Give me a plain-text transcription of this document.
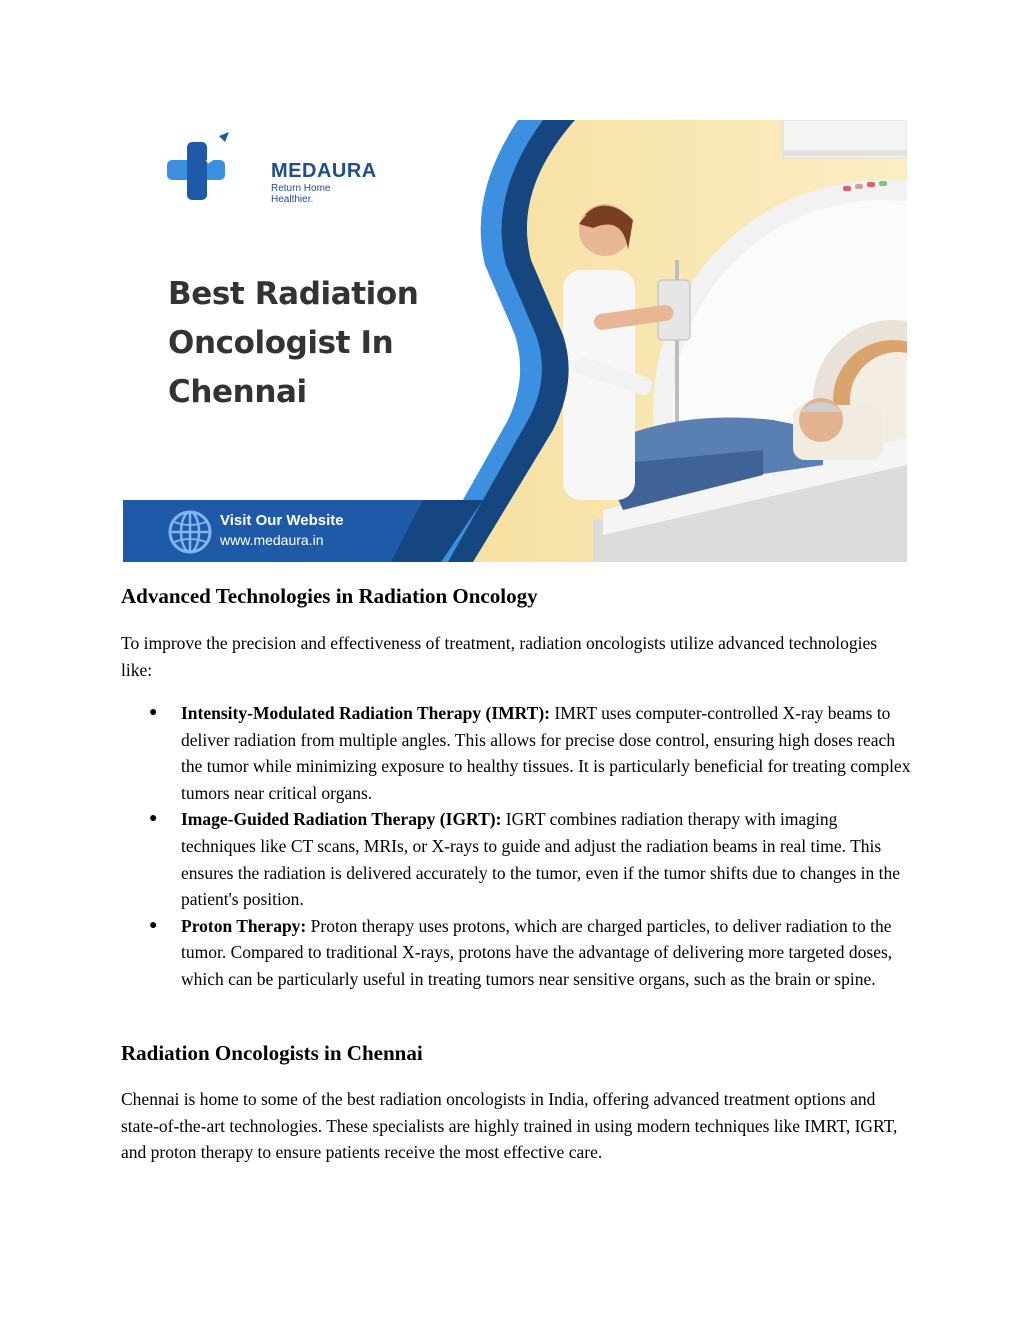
MEDAURA
Return Home Healthier.
Best Radiation
Oncologist In
Chennai
Visit Our Website
www.medaura.in
Advanced Technologies in Radiation Oncology

To improve the precision and effectiveness of treatment, radiation oncologists utilize advanced technologies like:

● Intensity-Modulated Radiation Therapy (IMRT): IMRT uses computer-controlled X-ray beams to deliver radiation from multiple angles. This allows for precise dose control, ensuring high doses reach the tumor while minimizing exposure to healthy tissues. It is particularly beneficial for treating complex tumors near critical organs.
● Image-Guided Radiation Therapy (IGRT): IGRT combines radiation therapy with imaging techniques like CT scans, MRIs, or X-rays to guide and adjust the radiation beams in real time. This ensures the radiation is delivered accurately to the tumor, even if the tumor shifts due to changes in the patient's position.
● Proton Therapy: Proton therapy uses protons, which are charged particles, to deliver radiation to the tumor. Compared to traditional X-rays, protons have the advantage of delivering more targeted doses, which can be particularly useful in treating tumors near sensitive organs, such as the brain or spine.
Radiation Oncologists in Chennai

Chennai is home to some of the best radiation oncologists in India, offering advanced treatment options and state-of-the-art technologies. These specialists are highly trained in using modern techniques like IMRT, IGRT, and proton therapy to ensure patients receive the most effective care.
